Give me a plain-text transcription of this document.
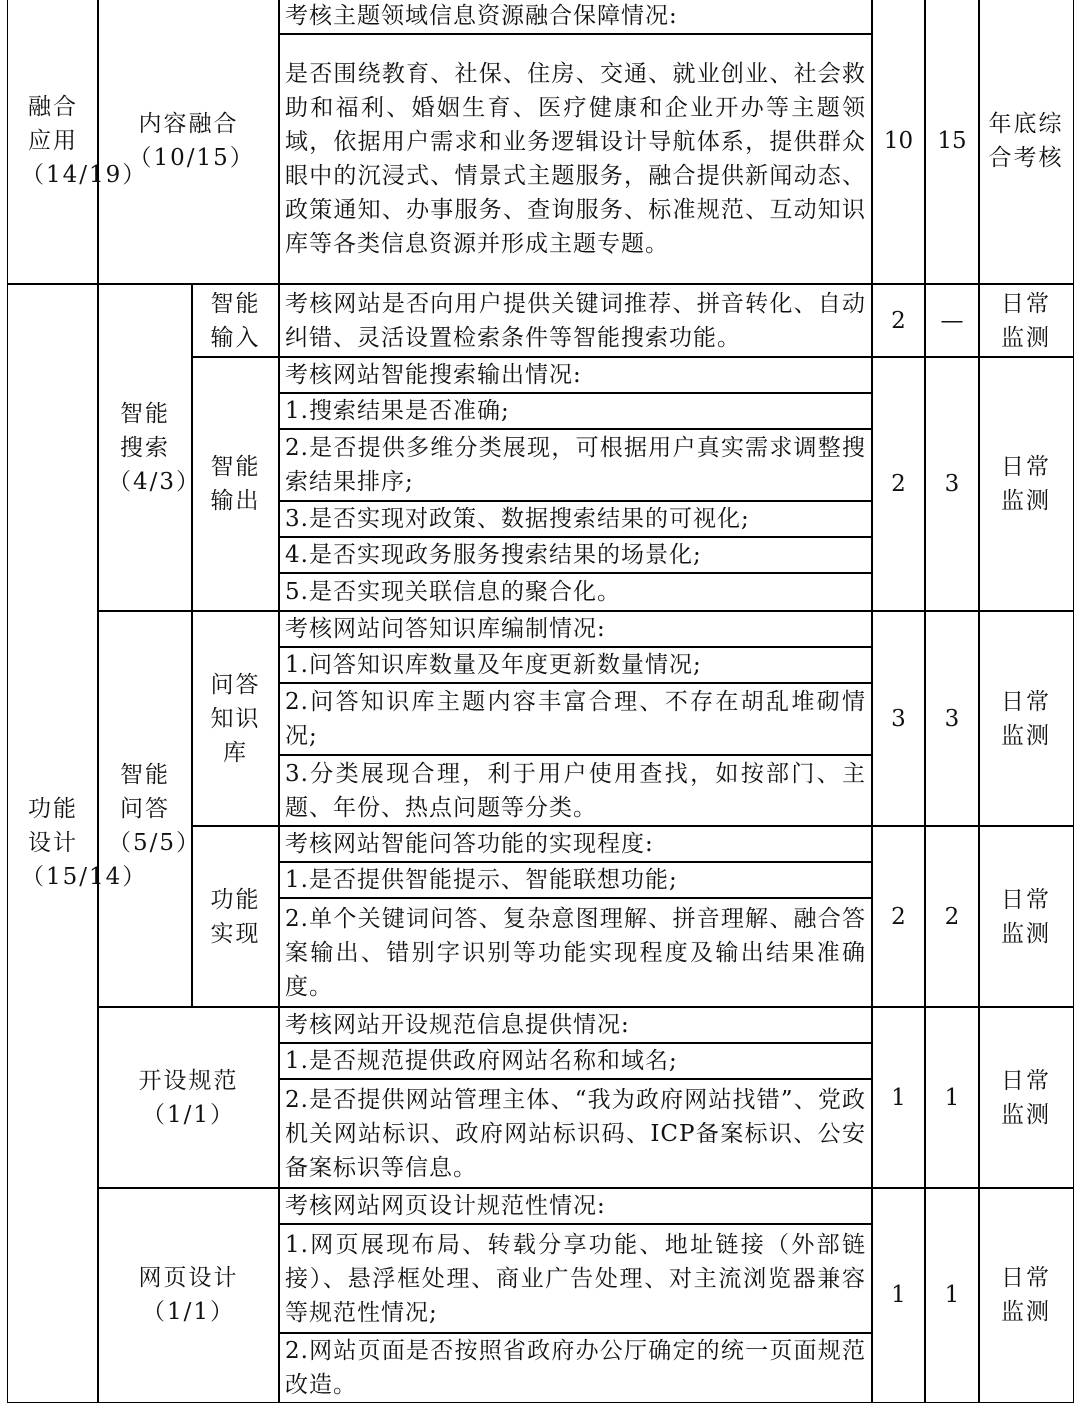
融合应用（14/19）
内容融合（10/15）
考核主题领域信息资源融合保障情况:
是否围绕教育、社保、住房、交通、就业创业、社会救助和福利、婚姻生育、医疗健康和企业开办等主题领域，依据用户需求和业务逻辑设计导航体系，提供群众眼中的沉浸式、情景式主题服务，融合提供新闻动态、政策通知、办事服务、查询服务、标准规范、互动知识库等各类信息资源并形成主题专题。
10 15
年底综合考核
功能设计（15/14）
智能搜索（4/3）
智能输入
考核网站是否向用户提供关键词推荐、拼音转化、自动纠错、灵活设置检索条件等智能搜索功能。
2 —
日常监测
智能输出
考核网站智能搜索输出情况:
1.搜索结果是否准确;
2.是否提供多维分类展现，可根据用户真实需求调整搜索结果排序;
3.是否实现对政策、数据搜索结果的可视化;
4.是否实现政务服务搜索结果的场景化;
5.是否实现关联信息的聚合化。
2 3
日常监测
智能问答（5/5）
问答知识库
考核网站问答知识库编制情况:
1.问答知识库数量及年度更新数量情况;
2.问答知识库主题内容丰富合理、不存在胡乱堆砌情况;
3.分类展现合理，利于用户使用查找，如按部门、主题、年份、热点问题等分类。
3 3
日常监测
功能实现
考核网站智能问答功能的实现程度:
1.是否提供智能提示、智能联想功能;
2.单个关键词问答、复杂意图理解、拼音理解、融合答案输出、错别字识别等功能实现程度及输出结果准确度。
2 2
日常监测
开设规范（1/1）
考核网站开设规范信息提供情况:
1.是否规范提供政府网站名称和域名;
2.是否提供网站管理主体、“我为政府网站找错”、党政机关网站标识、政府网站标识码、ICP备案标识、公安备案标识等信息。
1 1
日常监测
网页设计（1/1）
考核网站网页设计规范性情况:
1.网页展现布局、转载分享功能、地址链接（外部链接）、悬浮框处理、商业广告处理、对主流浏览器兼容等规范性情况;
2.网站页面是否按照省政府办公厅确定的统一页面规范改造。
1 1
日常监测
